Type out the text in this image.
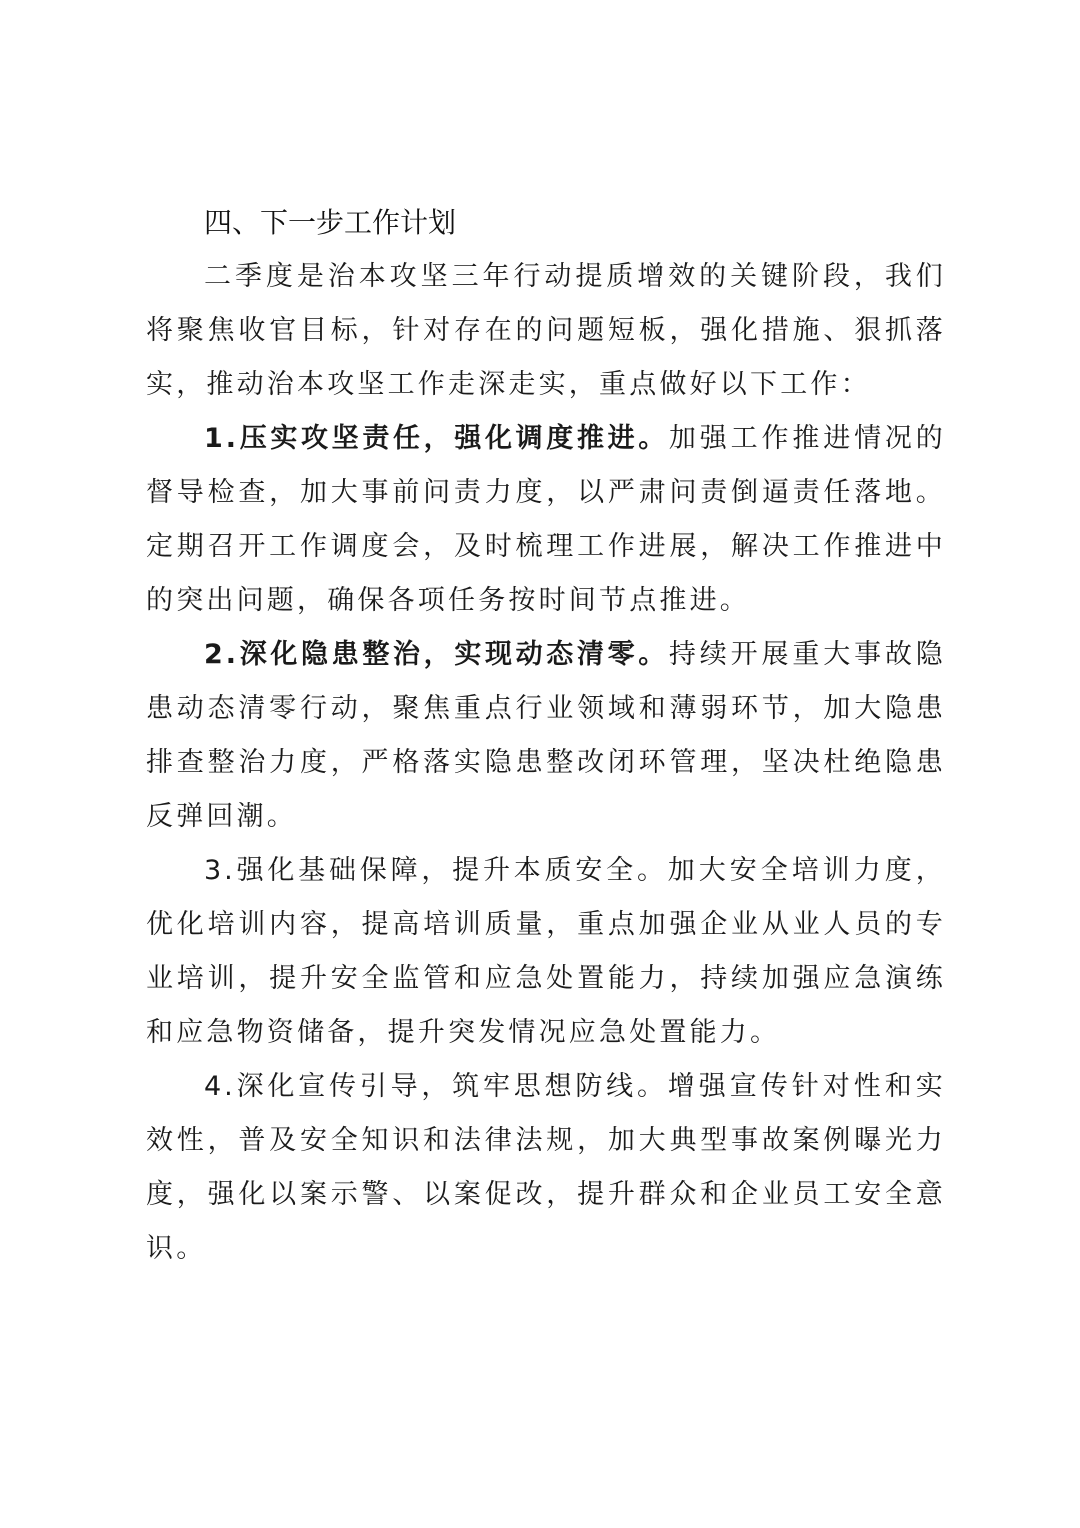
四、下一步工作计划

二季度是治本攻坚三年行动提质增效的关键阶段，我们将聚焦收官目标，针对存在的问题短板，强化措施、狠抓落实，推动治本攻坚工作走深走实，重点做好以下工作：

1.压实攻坚责任，强化调度推进。加强工作推进情况的督导检查，加大事前问责力度，以严肃问责倒逼责任落地。定期召开工作调度会，及时梳理工作进展，解决工作推进中的突出问题，确保各项任务按时间节点推进。

2.深化隐患整治，实现动态清零。持续开展重大事故隐患动态清零行动，聚焦重点行业领域和薄弱环节，加大隐患排查整治力度，严格落实隐患整改闭环管理，坚决杜绝隐患反弹回潮。

3.强化基础保障，提升本质安全。加大安全培训力度，优化培训内容，提高培训质量，重点加强企业从业人员的专业培训，提升安全监管和应急处置能力，持续加强应急演练和应急物资储备，提升突发情况应急处置能力。

4.深化宣传引导，筑牢思想防线。增强宣传针对性和实效性，普及安全知识和法律法规，加大典型事故案例曝光力度，强化以案示警、以案促改，提升群众和企业员工安全意识。
